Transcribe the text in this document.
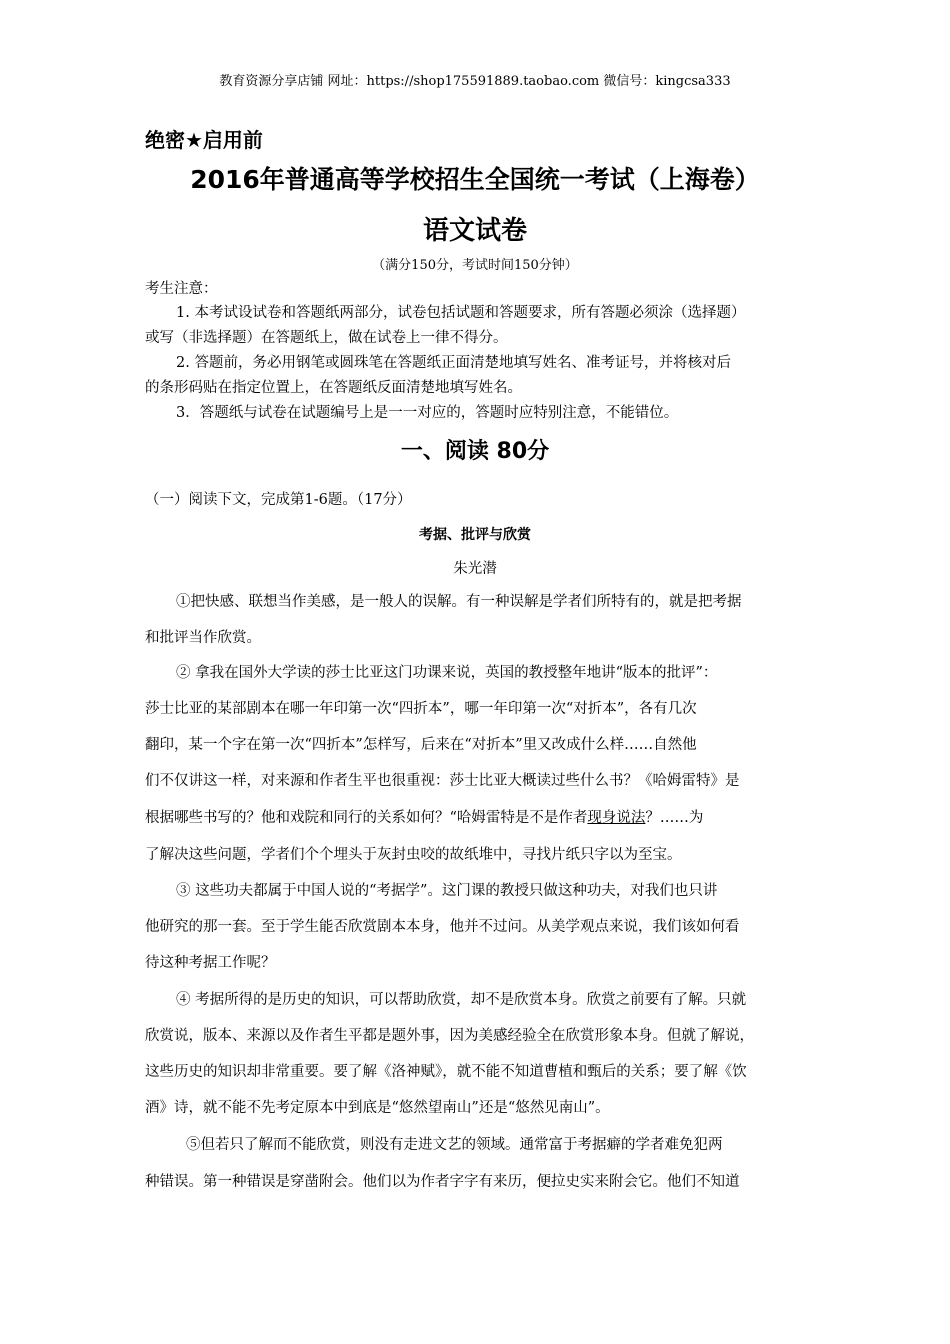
教育资源分享店铺 网址：https://shop175591889.taobao.com 微信号：kingcsa333
绝密★启用前
2016年普通高等学校招生全国统一考试（上海卷）
语文试卷
（满分150分，考试时间150分钟）
考生注意：
1. 本考试设试卷和答题纸两部分，试卷包括试题和答题要求，所有答题必须涂（选择题）
或写（非选择题）在答题纸上，做在试卷上一律不得分。
2. 答题前，务必用钢笔或圆珠笔在答题纸正面清楚地填写姓名、准考证号，并将核对后
的条形码贴在指定位置上，在答题纸反面清楚地填写姓名。
3．答题纸与试卷在试题编号上是一一对应的，答题时应特别注意，不能错位。
一、阅读 80分
（一）阅读下文，完成第1-6题。（17分）
考据、批评与欣赏
朱光潜
①把快感、联想当作美感，是一般人的误解。有一种误解是学者们所特有的，就是把考据
和批评当作欣赏。
② 拿我在国外大学读的莎士比亚这门功课来说，英国的教授整年地讲“版本的批评”：
莎士比亚的某部剧本在哪一年印第一次“四折本”，哪一年印第一次“对折本”，各有几次
翻印，某一个字在第一次“四折本”怎样写，后来在“对折本”里又改成什么样……自然他
们不仅讲这一样，对来源和作者生平也很重视：莎士比亚大概读过些什么书？《哈姆雷特》是
根据哪些书写的？他和戏院和同行的关系如何？“哈姆雷特是不是作者现身说法？……为
了解决这些问题，学者们个个埋头于灰封虫咬的故纸堆中，寻找片纸只字以为至宝。
③ 这些功夫都属于中国人说的“考据学”。这门课的教授只做这种功夫，对我们也只讲
他研究的那一套。至于学生能否欣赏剧本本身，他并不过问。从美学观点来说，我们该如何看
待这种考据工作呢？
④ 考据所得的是历史的知识，可以帮助欣赏，却不是欣赏本身。欣赏之前要有了解。只就
欣赏说，版本、来源以及作者生平都是题外事，因为美感经验全在欣赏形象本身。但就了解说，
这些历史的知识却非常重要。要了解《洛神赋》，就不能不知道曹植和甄后的关系；要了解《饮
酒》诗，就不能不先考定原本中到底是“悠然望南山”还是“悠然见南山”。
⑤但若只了解而不能欣赏，则没有走进文艺的领域。通常富于考据癖的学者难免犯两
种错误。第一种错误是穿凿附会。他们以为作者字字有来历，便拉史实来附会它。他们不知道
